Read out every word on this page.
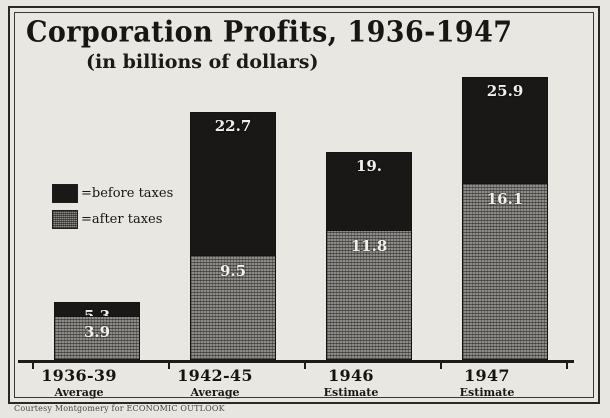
Corporation Profits, 1936-1947
(in billions of dollars)
=before taxes
=after taxes
3.9
22.7
9.5
19.
11.8
25.9
16.1
1936-39
Average
1942-45
Average
1946
Estimate
1947
Estimate
Courtesy Montgomery for ECONOMIC OUTLOOK
